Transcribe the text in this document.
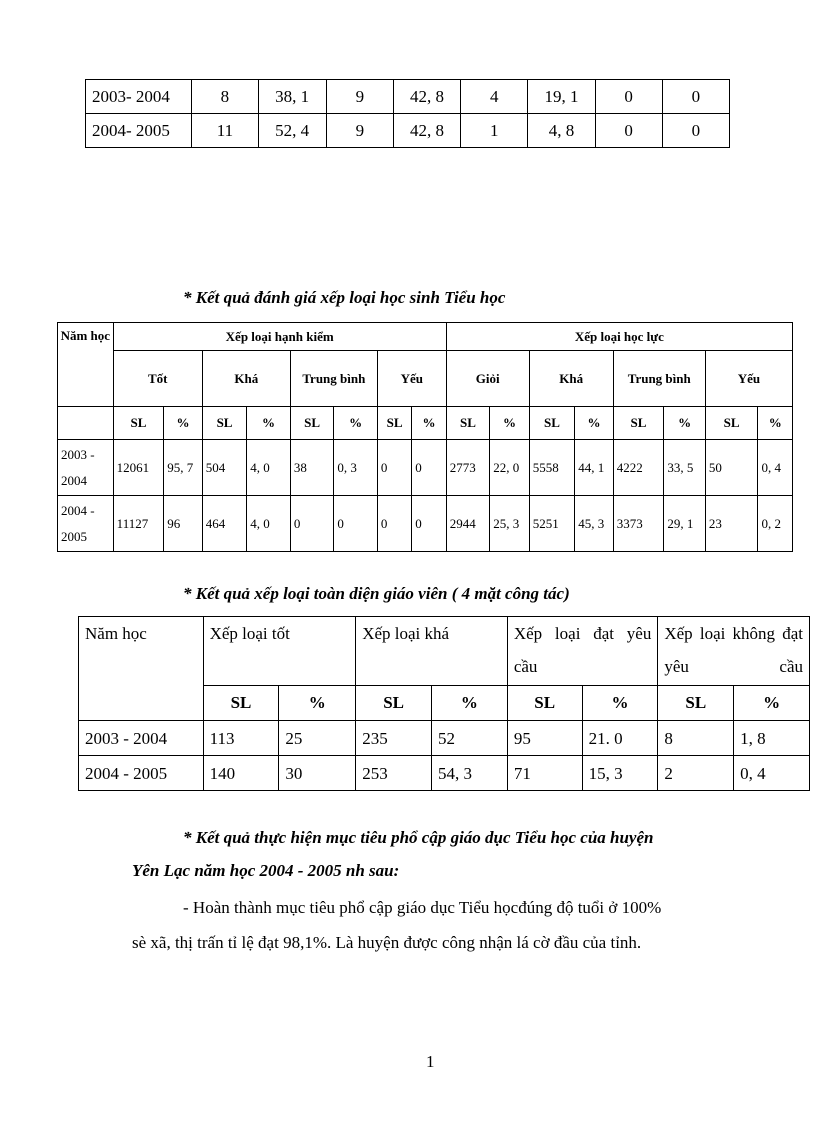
2003- 2004	8	38, 1	9	42, 8	4	19, 1	0	0
2004- 2005	11	52, 4	9	42, 8	1	4, 8	0	0
* Kết quả đánh giá xếp loại học sinh Tiểu học
Năm học	Xếp loại hạnh kiểm								Xếp loại học lực							
	Tốt		Khá		Trung bình		Yếu		Giỏi		Khá		Trung bình		Yếu	
	SL	%	SL	%	SL	%	SL	%	SL	%	SL	%	SL	%	SL	%
2003 - 2004	12061	95, 7	504	4, 0	38	0, 3	0	0	2773	22, 0	5558	44, 1	4222	33, 5	50	0, 4
2004 - 2005	11127	96	464	4, 0	0	0	0	0	2944	25, 3	5251	45, 3	3373	29, 1	23	0, 2
* Kết quả xếp loại toàn diện giáo viên ( 4 mặt công tác)
Năm học	Xếp loại tốt		Xếp loại khá		Xếp loại đạt yêu cầu		Xếp loại không đạt yêu cầu	
	SL	%	SL	%	SL	%	SL	%
2003 - 2004	113	25	235	52	95	21. 0	8	1, 8
2004 - 2005	140	30	253	54, 3	71	15, 3	2	0, 4
* Kết quả thực hiện mục tiêu phổ cập giáo dục Tiểu học của huyện
Yên Lạc năm học 2004 - 2005 nh sau:
- Hoàn thành mục tiêu phổ cập giáo dục Tiểu họcđúng độ tuổi ở 100%
sè xã, thị trấn tỉ lệ đạt 98,1%. Là huyện được công nhận lá cờ đầu của tỉnh.
1
